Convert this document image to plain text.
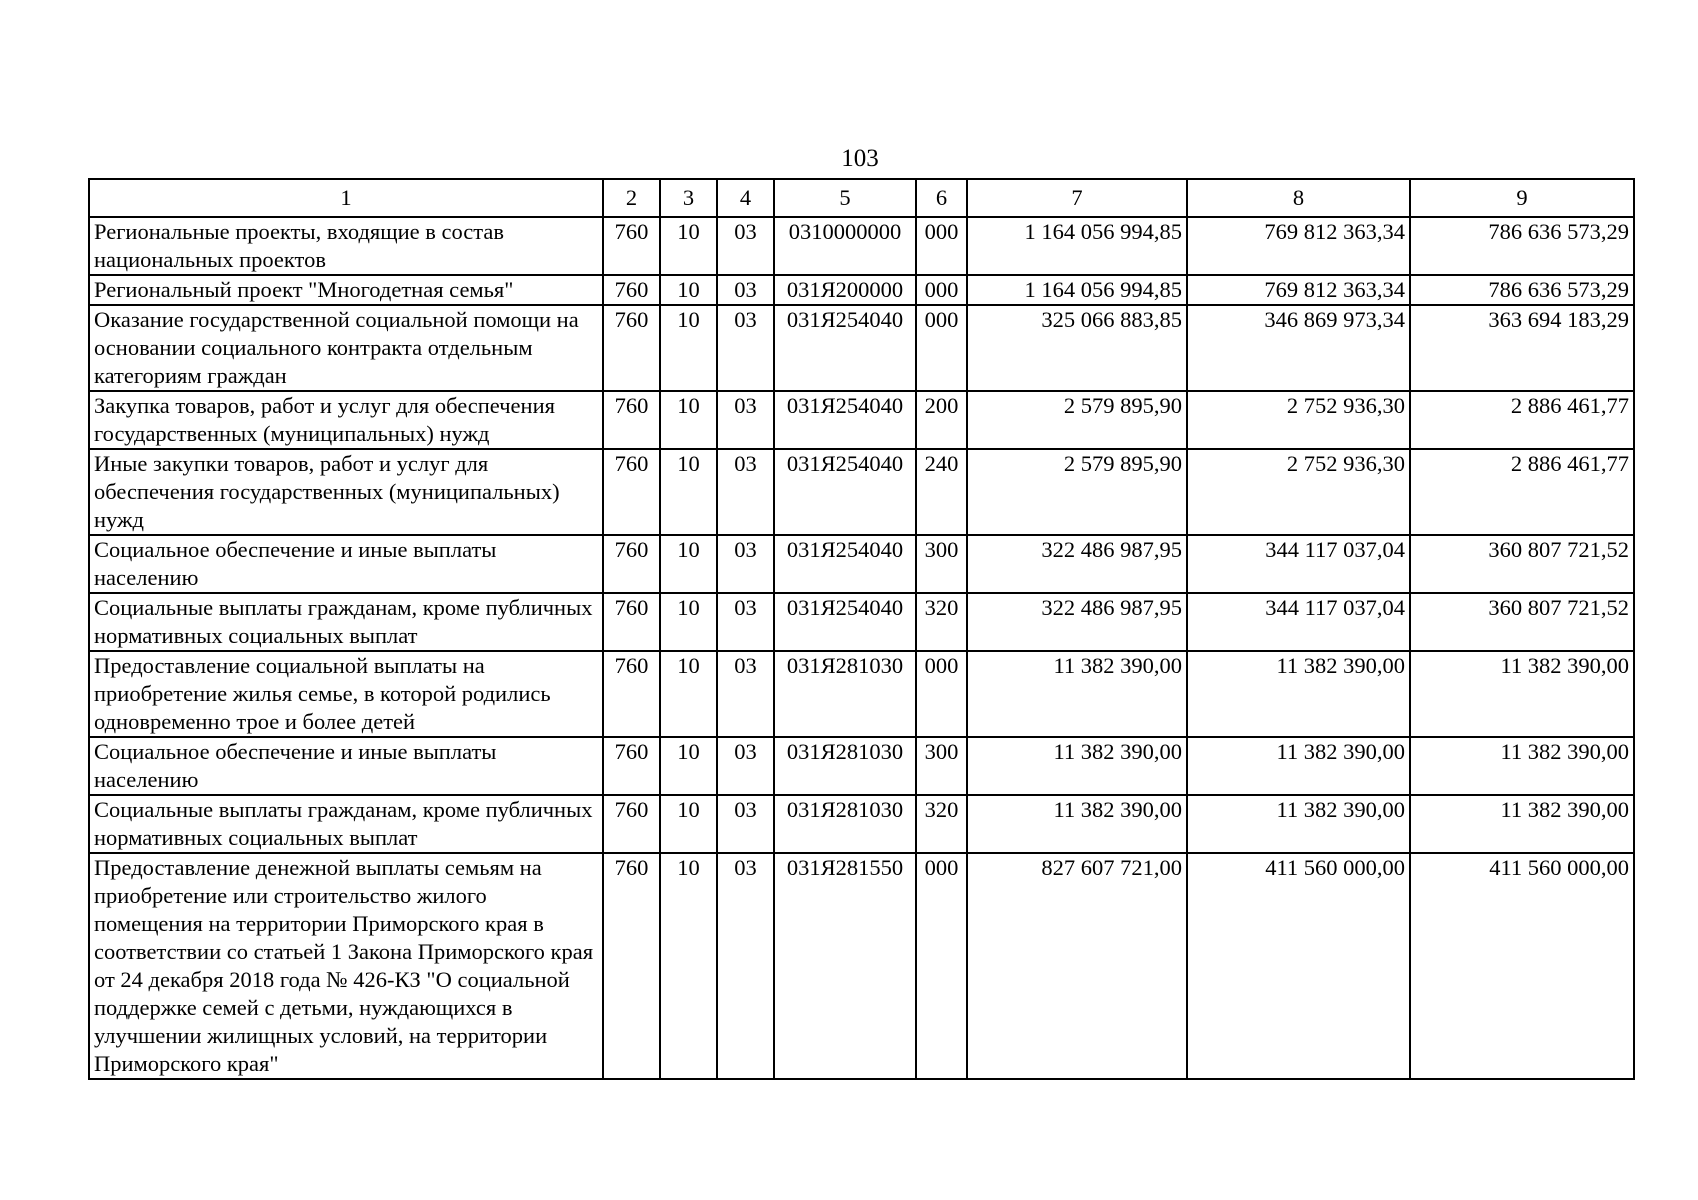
103
1	2	3	4	5	6	7	8	9
Региональные проекты, входящие в состав национальных проектов	760	10	03	0310000000	000	1 164 056 994,85	769 812 363,34	786 636 573,29
Региональный проект "Многодетная семья"	760	10	03	031Я200000	000	1 164 056 994,85	769 812 363,34	786 636 573,29
Оказание государственной социальной помощи на основании социального контракта отдельным категориям граждан	760	10	03	031Я254040	000	325 066 883,85	346 869 973,34	363 694 183,29
Закупка товаров, работ и услуг для обеспечения государственных (муниципальных) нужд	760	10	03	031Я254040	200	2 579 895,90	2 752 936,30	2 886 461,77
Иные закупки товаров, работ и услуг для обеспечения государственных (муниципальных) нужд	760	10	03	031Я254040	240	2 579 895,90	2 752 936,30	2 886 461,77
Социальное обеспечение и иные выплаты населению	760	10	03	031Я254040	300	322 486 987,95	344 117 037,04	360 807 721,52
Социальные выплаты гражданам, кроме публичных нормативных социальных выплат	760	10	03	031Я254040	320	322 486 987,95	344 117 037,04	360 807 721,52
Предоставление социальной выплаты на приобретение жилья семье, в которой родились одновременно трое и более детей	760	10	03	031Я281030	000	11 382 390,00	11 382 390,00	11 382 390,00
Социальное обеспечение и иные выплаты населению	760	10	03	031Я281030	300	11 382 390,00	11 382 390,00	11 382 390,00
Социальные выплаты гражданам, кроме публичных нормативных социальных выплат	760	10	03	031Я281030	320	11 382 390,00	11 382 390,00	11 382 390,00
Предоставление денежной выплаты семьям на приобретение или строительство жилого помещения на территории Приморского края в соответствии со статьей 1 Закона Приморского края от 24 декабря 2018 года № 426-КЗ "О социальной поддержке семей с детьми, нуждающихся в улучшении жилищных условий, на территории Приморского края"	760	10	03	031Я281550	000	827 607 721,00	411 560 000,00	411 560 000,00
